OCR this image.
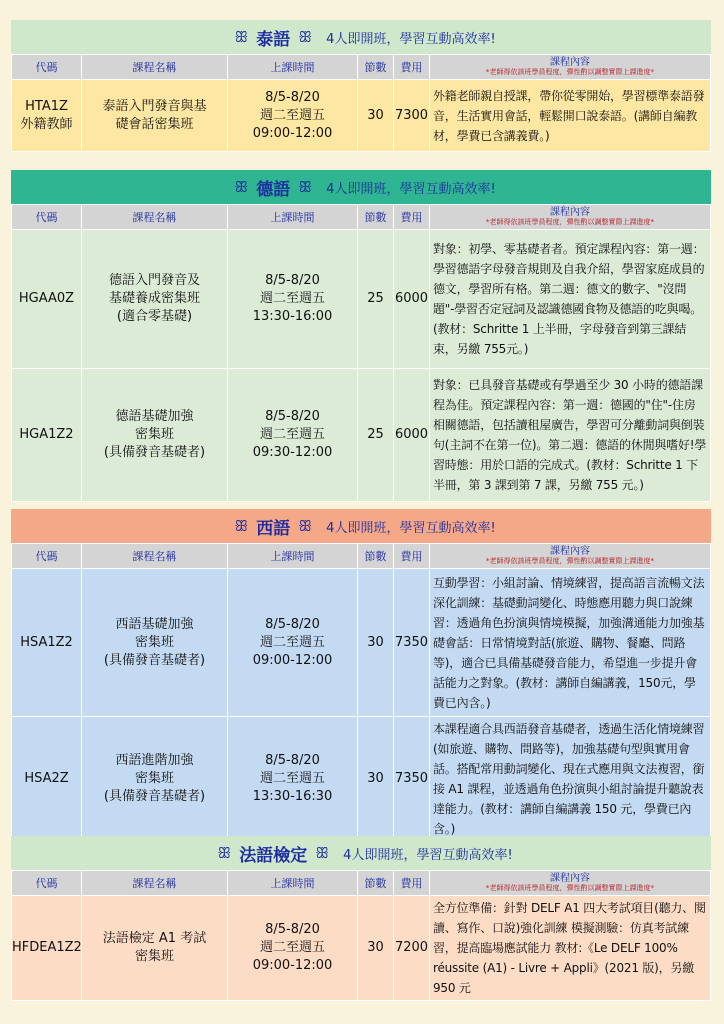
ꕥ 泰語 ꕥ 4人即開班，學習互動高效率!
代碼	課程名稱	上課時間	節數	費用	課程內容
*老師得依該班學員程度，彈性酌以調整實際上課進度*

HTA1Z
外籍教師	泰語入門發音與基
礎會話密集班	8/5-8/20
週二至週五
09:00-12:00	30	7300	外籍老師親自授課，帶你從零開始，學習標準泰語發音，生活實用會話，輕鬆開口說泰語。(講師自編教材，學費已含講義費。)
ꕥ 德語 ꕥ 4人即開班，學習互動高效率!
代碼	課程名稱	上課時間	節數	費用	課程內容
*老師得依該班學員程度，彈性酌以調整實際上課進度*

HGAA0Z	德語入門發音及
基礎養成密集班
(適合零基礎)	8/5-8/20
週二至週五
13:30-16:00	25	6000	對象：初學、零基礎者者。預定課程內容：第一週：學習德語字母發音規則及自我介紹，學習家庭成員的德文，學習所有格。第二週：德文的數字、"沒問題"-學習否定冠詞及認識德國食物及德語的吃與喝。(教材：Schritte 1 上半冊，字母發音到第三課結束，另繳 755元。)

HGA1Z2	德語基礎加強
密集班
(具備發音基礎者)	8/5-8/20
週二至週五
09:30-12:00	25	6000	對象：已具發音基礎或有學過至少 30 小時的德語課程為佳。預定課程內容：第一週：德國的"住"-住房相關德語，包括讀租屋廣告，學習可分離動詞與倒裝句(主詞不在第一位)。第二週：德語的休閒與嗜好!學習時態：用於口語的完成式。(教材：Schritte 1 下半冊，第 3 課到第 7 課，另繳 755 元。)
ꕥ 西語 ꕥ 4人即開班，學習互動高效率!
代碼	課程名稱	上課時間	節數	費用	課程內容
*老師得依該班學員程度，彈性酌以調整實際上課進度*

HSA1Z2	西語基礎加強
密集班
(具備發音基礎者)	8/5-8/20
週二至週五
09:00-12:00	30	7350	互動學習：小組討論、情境練習，提高語言流暢文法深化訓練：基礎動詞變化、時態應用聽力與口說練習：透過角色扮演與情境模擬，加強溝通能力加強基礎會話：日常情境對話(旅遊、購物、餐廳、問路等)，適合已具備基礎發音能力，希望進一步提升會話能力之對象。(教材：講師自編講義，150元，學費已內含。)

HSA2Z	西語進階加強
密集班
(具備發音基礎者)	8/5-8/20
週二至週五
13:30-16:30	30	7350	本課程適合具西語發音基礎者，透過生活化情境練習(如旅遊、購物、問路等)，加強基礎句型與實用會話。搭配常用動詞變化、現在式應用與文法複習，銜接 A1 課程，並透過角色扮演與小組討論提升聽說表達能力。(教材：講師自編講義 150 元，學費已內含。)
ꕥ 法語檢定 ꕥ 4人即開班，學習互動高效率!
代碼	課程名稱	上課時間	節數	費用	課程內容
*老師得依該班學員程度，彈性酌以調整實際上課進度*

HFDEA1Z2	法語檢定 A1 考試
密集班	8/5-8/20
週二至週五
09:00-12:00	30	7200	全方位準備：針對 DELF A1 四大考試項目(聽力、閱讀、寫作、口說)強化訓練 模擬測驗：仿真考試練習，提高臨場應試能力 教材:《Le DELF 100% réussite (A1) - Livre + Appli》(2021 版)，另繳 950 元
